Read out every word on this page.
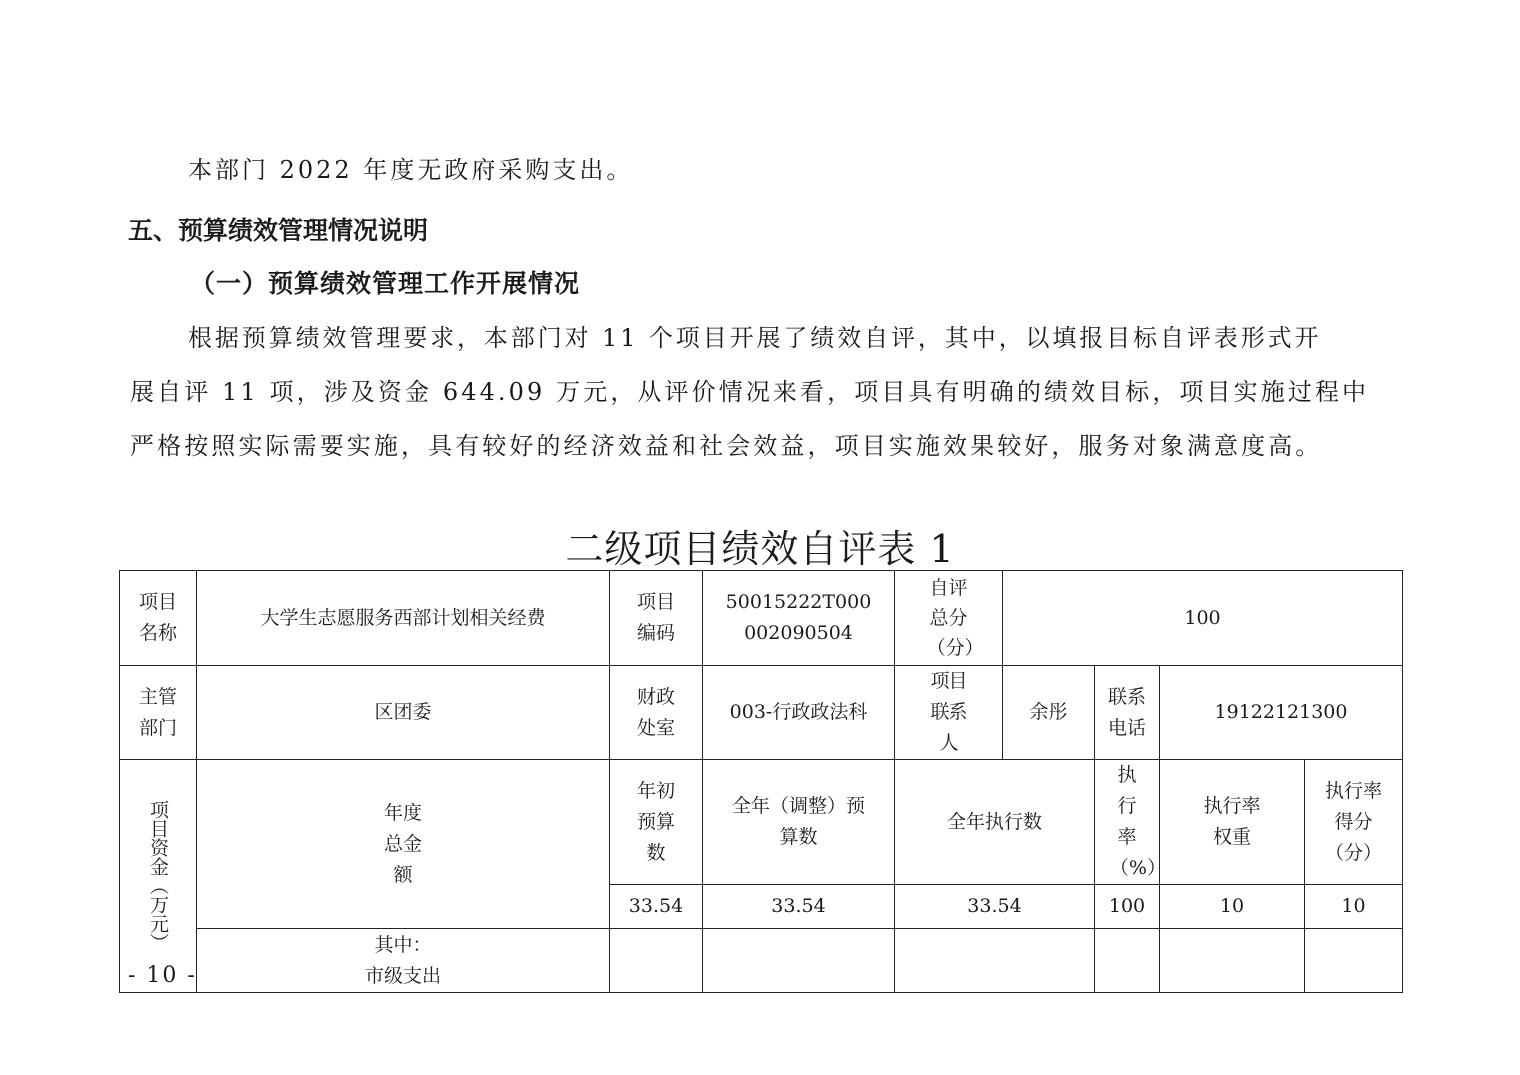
本部门 2022 年度无政府采购支出。

五、预算绩效管理情况说明

（一）预算绩效管理工作开展情况

根据预算绩效管理要求，本部门对 11 个项目开展了绩效自评，其中，以填报目标自评表形式开
展自评 11 项，涉及资金 644.09 万元，从评价情况来看，项目具有明确的绩效目标，项目实施过程中
严格按照实际需要实施，具有较好的经济效益和社会效益，项目实施效果较好，服务对象满意度高。
二级项目绩效自评表 1
项目名称	大学生志愿服务西部计划相关经费	项目编码	50015222T000002090504	自评总分（分）	100			

主管部门	区团委	财政处室	003-行政政法科	项目联系人	余彤	联系电话	19122121300	

项目资金（万元）	年度总金额	年初预算数	全年（调整）预算数	全年执行数		执行率（%）	执行率权重	执行率得分（分）

		33.54	33.54	33.54		100	10	10

	其中：
市级支出							

- 10 -
